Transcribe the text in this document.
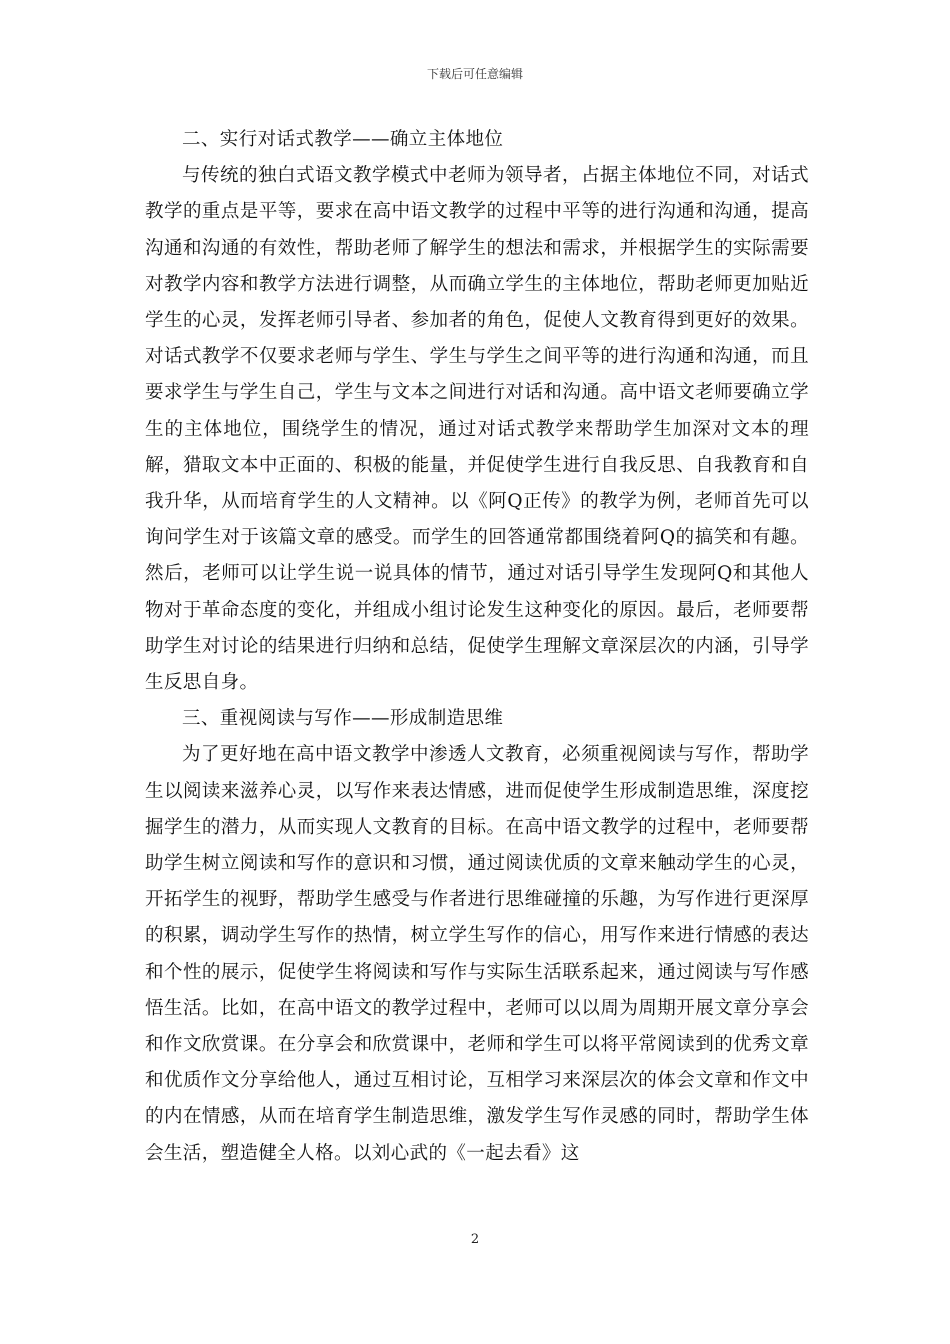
下载后可任意编辑

二、实行对话式教学——确立主体地位

与传统的独白式语文教学模式中老师为领导者，占据主体地位不同，对话式教学的重点是平等，要求在高中语文教学的过程中平等的进行沟通和沟通，提高沟通和沟通的有效性，帮助老师了解学生的想法和需求，并根据学生的实际需要对教学内容和教学方法进行调整，从而确立学生的主体地位，帮助老师更加贴近学生的心灵，发挥老师引导者、参加者的角色，促使人文教育得到更好的效果。对话式教学不仅要求老师与学生、学生与学生之间平等的进行沟通和沟通，而且要求学生与学生自己，学生与文本之间进行对话和沟通。高中语文老师要确立学生的主体地位，围绕学生的情况，通过对话式教学来帮助学生加深对文本的理解，猎取文本中正面的、积极的能量，并促使学生进行自我反思、自我教育和自我升华，从而培育学生的人文精神。以《阿Q正传》的教学为例，老师首先可以询问学生对于该篇文章的感受。而学生的回答通常都围绕着阿Q的搞笑和有趣。然后，老师可以让学生说一说具体的情节，通过对话引导学生发现阿Q和其他人物对于革命态度的变化，并组成小组讨论发生这种变化的原因。最后，老师要帮助学生对讨论的结果进行归纳和总结，促使学生理解文章深层次的内涵，引导学生反思自身。

三、重视阅读与写作——形成制造思维

为了更好地在高中语文教学中渗透人文教育，必须重视阅读与写作，帮助学生以阅读来滋养心灵，以写作来表达情感，进而促使学生形成制造思维，深度挖掘学生的潜力，从而实现人文教育的目标。在高中语文教学的过程中，老师要帮助学生树立阅读和写作的意识和习惯，通过阅读优质的文章来触动学生的心灵，开拓学生的视野，帮助学生感受与作者进行思维碰撞的乐趣，为写作进行更深厚的积累，调动学生写作的热情，树立学生写作的信心，用写作来进行情感的表达和个性的展示，促使学生将阅读和写作与实际生活联系起来，通过阅读与写作感悟生活。比如，在高中语文的教学过程中，老师可以以周为周期开展文章分享会和作文欣赏课。在分享会和欣赏课中，老师和学生可以将平常阅读到的优秀文章和优质作文分享给他人，通过互相讨论，互相学习来深层次的体会文章和作文中的内在情感，从而在培育学生制造思维，激发学生写作灵感的同时，帮助学生体会生活，塑造健全人格。以刘心武的《一起去看》这

2
